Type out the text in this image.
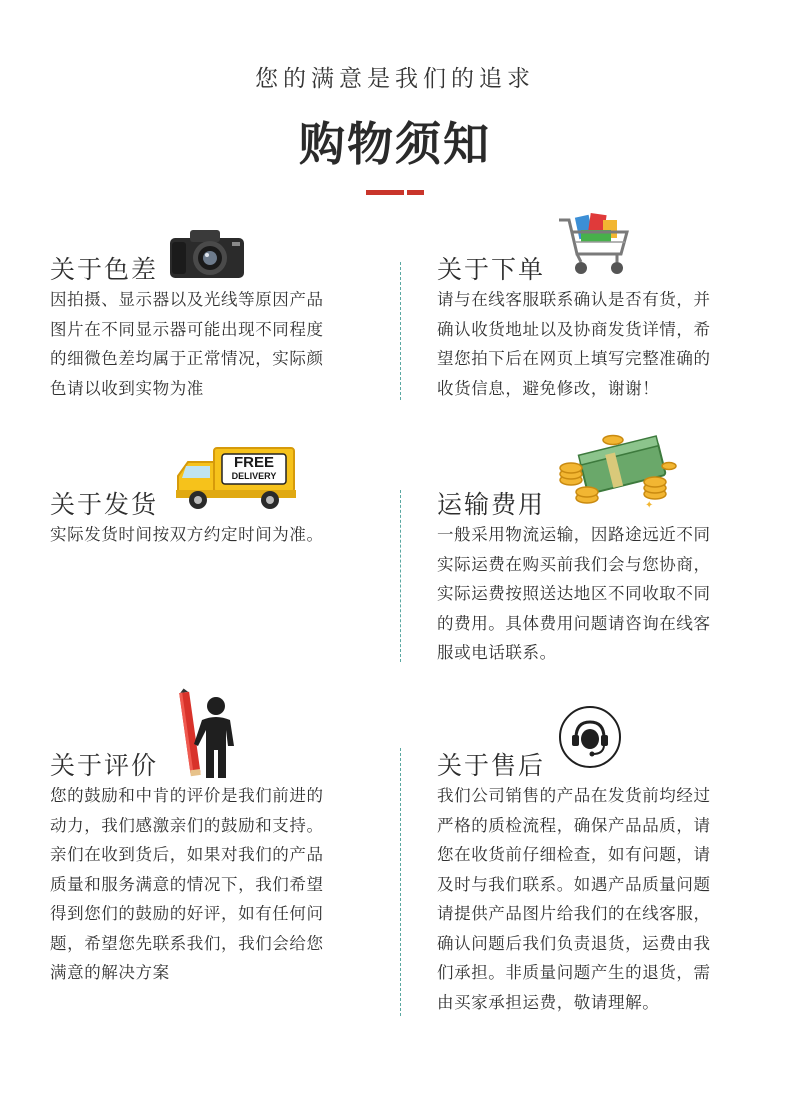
您的满意是我们的追求
购物须知
关于色差
因拍摄、显示器以及光线等原因产品
图片在不同显示器可能出现不同程度
的细微色差均属于正常情况，实际颜
色请以收到实物为准
关于下单
请与在线客服联系确认是否有货，并
确认收货地址以及协商发货详情，希
望您拍下后在网页上填写完整准确的
收货信息，避免修改，谢谢！
关于发货
FREE
DELIVERY
实际发货时间按双方约定时间为准。
运输费用	✦
一般采用物流运输，因路途远近不同
实际运费在购买前我们会与您协商，
实际运费按照送达地区不同收取不同
的费用。具体费用问题请咨询在线客
服或电话联系。
关于评价
您的鼓励和中肯的评价是我们前进的
动力，我们感激亲们的鼓励和支持。
亲们在收到货后，如果对我们的产品
质量和服务满意的情况下，我们希望
得到您们的鼓励的好评，如有任何问
题，希望您先联系我们，我们会给您
满意的解决方案
关于售后
我们公司销售的产品在发货前均经过
严格的质检流程，确保产品品质，请
您在收货前仔细检查，如有问题，请
及时与我们联系。如遇产品质量问题
请提供产品图片给我们的在线客服，
确认问题后我们负责退货，运费由我
们承担。非质量问题产生的退货，需
由买家承担运费，敬请理解。
